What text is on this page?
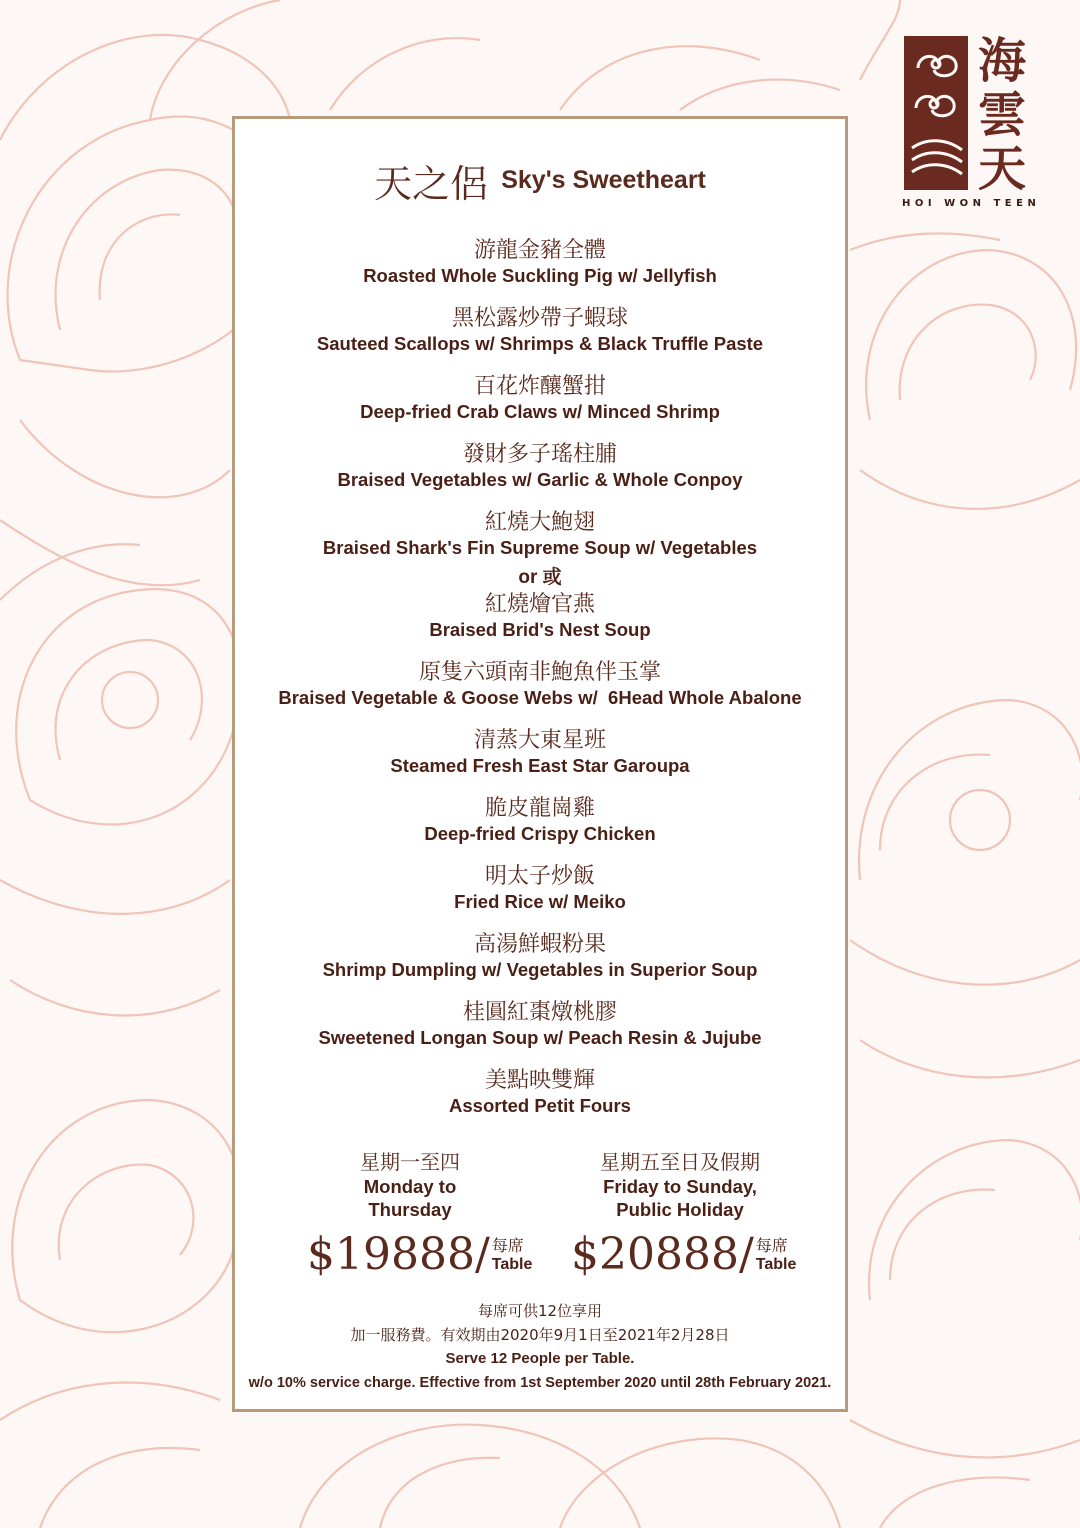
海
雲
天
HOI WON TEEN
天之侶 Sky's Sweetheart
游龍金豬全體
Roasted Whole Suckling Pig w/ Jellyfish
黑松露炒帶子蝦球
Sauteed Scallops w/ Shrimps & Black Truffle Paste
百花炸釀蟹拑
Deep-fried Crab Claws w/ Minced Shrimp
發財多子瑤柱脯
Braised Vegetables w/ Garlic & Whole Conpoy
紅燒大鮑翅
Braised Shark's Fin Supreme Soup w/ Vegetables
or 或
紅燒燴官燕
Braised Brid's Nest Soup
原隻六頭南非鮑魚伴玉掌
Braised Vegetable & Goose Webs w/  6Head Whole Abalone
清蒸大東星班
Steamed Fresh East Star Garoupa
脆皮龍崗雞
Deep-fried Crispy Chicken
明太子炒飯
Fried Rice w/ Meiko
高湯鮮蝦粉果
Shrimp Dumpling w/ Vegetables in Superior Soup
桂圓紅棗燉桃膠
Sweetened Longan Soup w/ Peach Resin & Jujube
美點映雙輝
Assorted Petit Fours
星期一至四
Monday to
Thursday
星期五至日及假期
Friday to Sunday,
Public Holiday
$19888/ 每席
Table $20888/ 每席
Table
每席可供12位享用
加一服務費。有效期由2020年9月1日至2021年2月28日
Serve 12 People per Table.
w/o 10% service charge. Effective from 1st September 2020 until 28th February 2021.
